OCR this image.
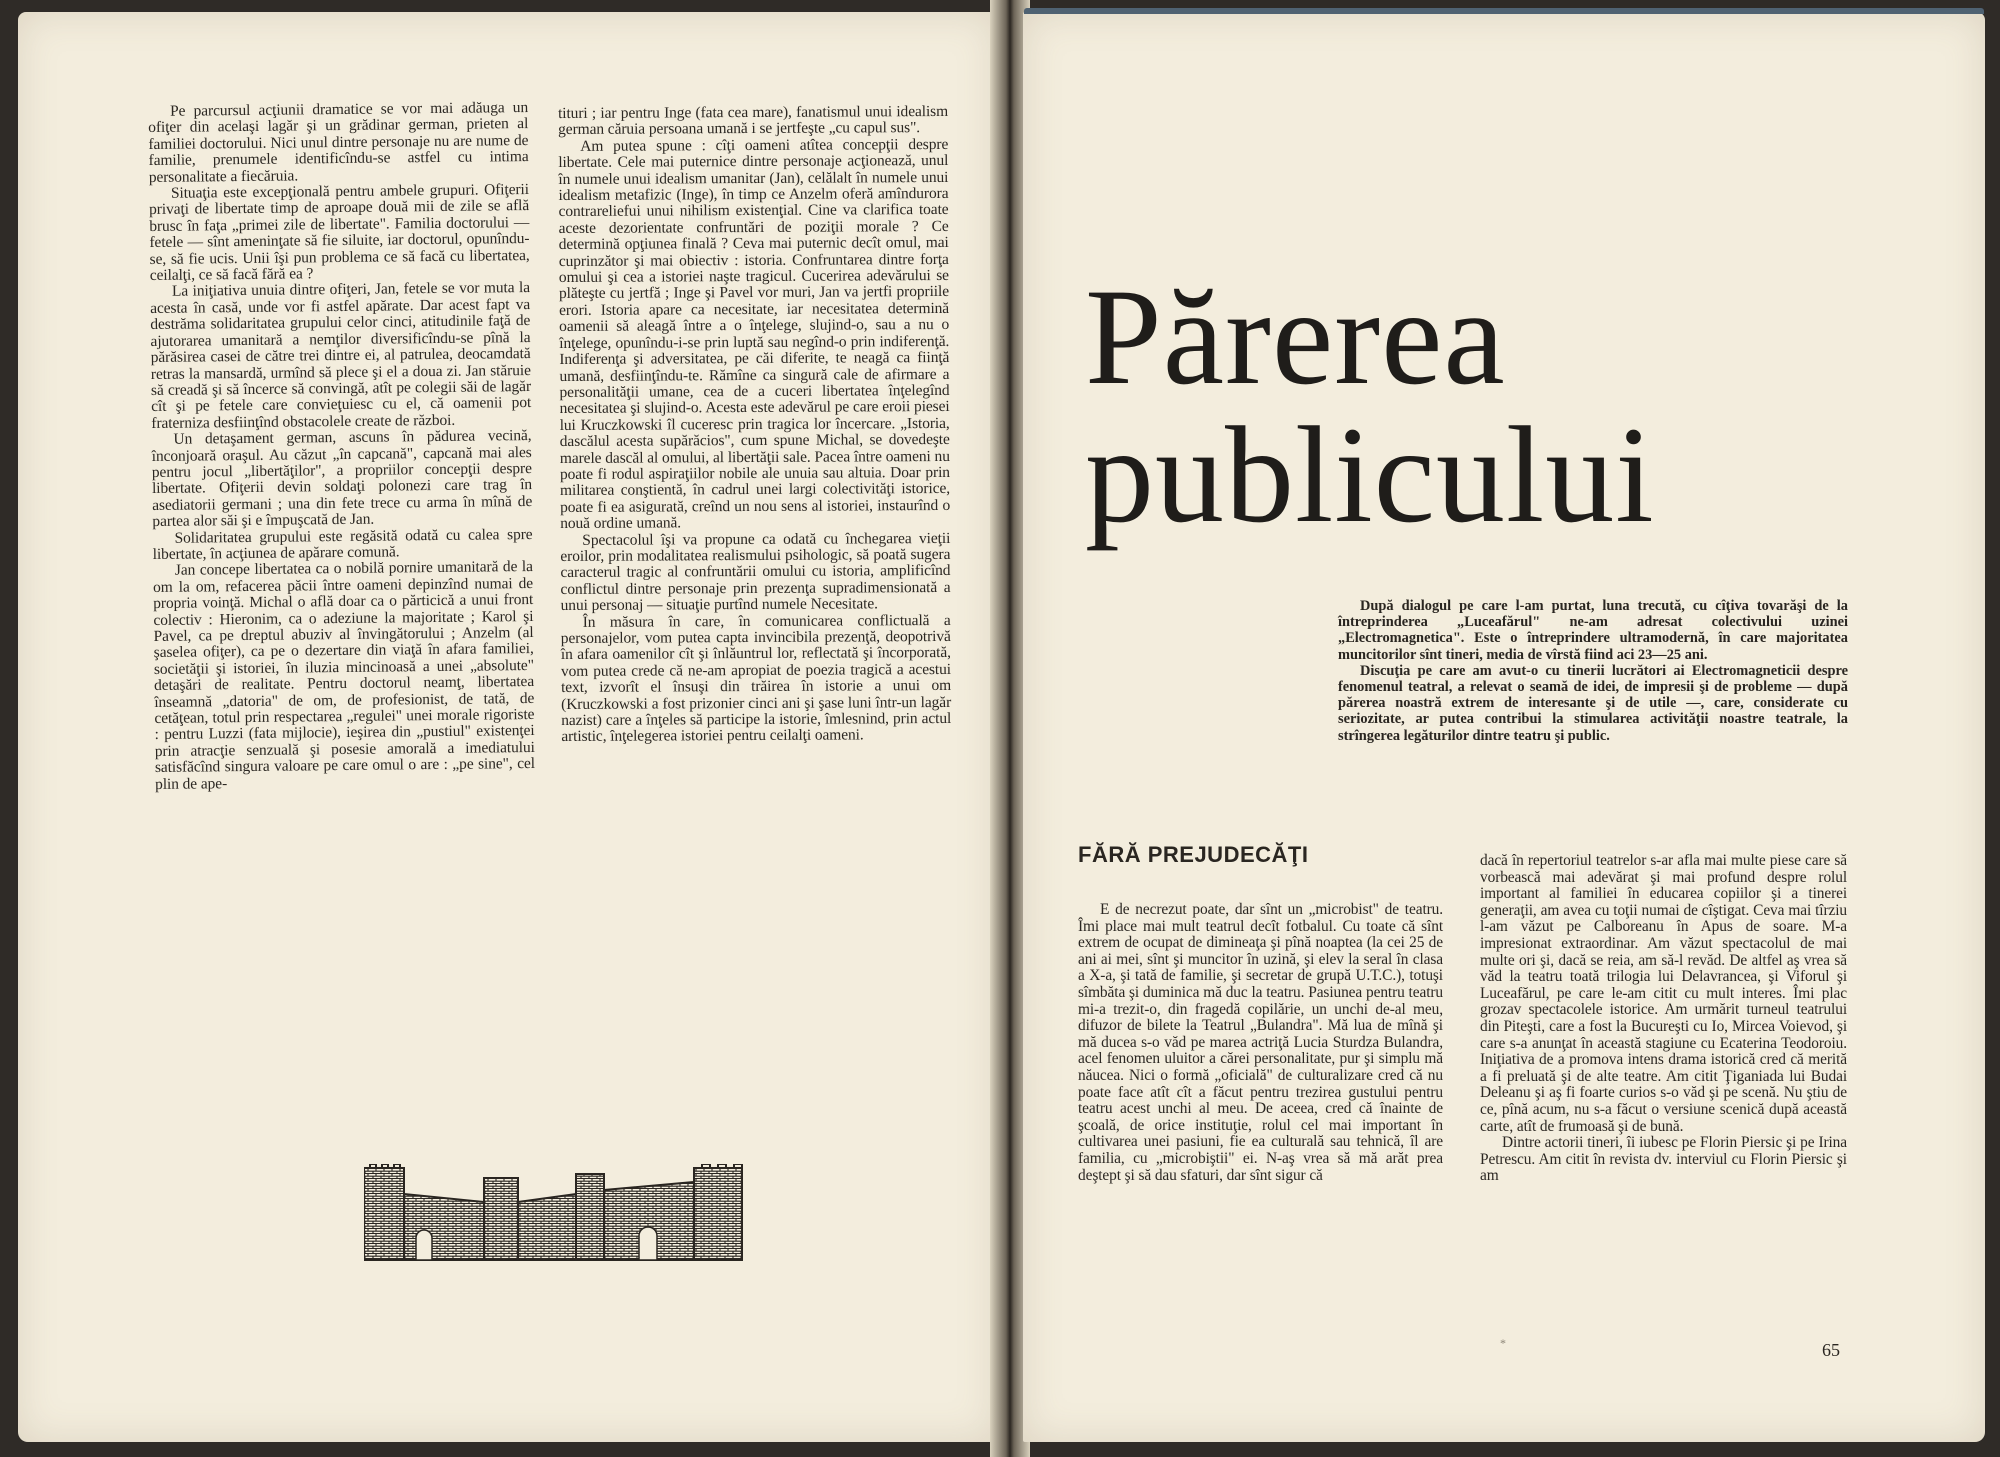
Pe parcursul acţiunii dramatice se vor mai adăuga un ofiţer din acelaşi lagăr şi un grădinar german, prieten al familiei doctorului. Nici unul dintre personaje nu are nume de familie, prenumele identificîndu-se astfel cu intima personalitate a fiecăruia.

Situaţia este excepţională pentru ambele grupuri. Ofiţerii privaţi de libertate timp de aproape două mii de zile se află brusc în faţa „primei zile de libertate". Familia doctorului — fetele — sînt ameninţate să fie siluite, iar doctorul, opunîndu-se, să fie ucis. Unii îşi pun problema ce să facă cu libertatea, ceilalţi, ce să facă fără ea ?

La iniţiativa unuia dintre ofiţeri, Jan, fetele se vor muta la acesta în casă, unde vor fi astfel apărate. Dar acest fapt va destrăma solidaritatea grupului celor cinci, atitudinile faţă de ajutorarea umanitară a nemţilor diversificîndu-se pînă la părăsirea casei de către trei dintre ei, al patrulea, deocamdată retras la mansardă, urmînd să plece şi el a doua zi. Jan stăruie să creadă şi să încerce să convingă, atît pe colegii săi de lagăr cît şi pe fetele care convieţuiesc cu el, că oamenii pot fraterniza desfiinţînd obstacolele create de război.

Un detaşament german, ascuns în pădurea vecină, înconjoară oraşul. Au căzut „în capcană", capcană mai ales pentru jocul „libertăţilor", a propriilor concepţii despre libertate. Ofiţerii devin soldaţi polonezi care trag în asediatorii germani ; una din fete trece cu arma în mînă de partea alor săi şi e împuşcată de Jan.

Solidaritatea grupului este regăsită odată cu calea spre libertate, în acţiunea de apărare comună.

Jan concepe libertatea ca o nobilă pornire umanitară de la om la om, refacerea păcii între oameni depinzînd numai de propria voinţă. Michal o află doar ca o părticică a unui front colectiv : Hieronim, ca o adeziune la majoritate ; Karol şi Pavel, ca pe dreptul abuziv al învingătorului ; Anzelm (al şaselea ofiţer), ca pe o dezertare din viaţă în afara familiei, societăţii şi istoriei, în iluzia mincinoasă a unei „absolute" detaşări de realitate. Pentru doctorul neamţ, libertatea înseamnă „datoria" de om, de profesionist, de tată, de cetăţean, totul prin respectarea „regulei" unei morale rigoriste : pentru Luzzi (fata mijlocie), ieşirea din „pustiul" existenţei prin atracţie senzuală şi posesie amorală a imediatului satisfăcînd singura valoare pe care omul o are : „pe sine", cel plin de ape-

tituri ; iar pentru Inge (fata cea mare), fanatismul unui idealism german căruia persoana umană i se jertfeşte „cu capul sus".

Am putea spune : cîţi oameni atîtea concepţii despre libertate. Cele mai puternice dintre personaje acţionează, unul în numele unui idealism umanitar (Jan), celălalt în numele unui idealism metafizic (Inge), în timp ce Anzelm oferă amîndurora contrareliefui unui nihilism existenţial. Cine va clarifica toate aceste dezorientate confruntări de poziţii morale ? Ce determină opţiunea finală ? Ceva mai puternic decît omul, mai cuprinzător şi mai obiectiv : istoria. Confruntarea dintre forţa omului şi cea a istoriei naşte tragicul. Cucerirea adevărului se plăteşte cu jertfă ; Inge şi Pavel vor muri, Jan va jertfi propriile erori. Istoria apare ca necesitate, iar necesitatea determină oamenii să aleagă între a o înţelege, slujind-o, sau a nu o înţelege, opunîndu-i-se prin luptă sau negînd-o prin indiferenţă. Indiferenţa şi adversitatea, pe căi diferite, te neagă ca fiinţă umană, desfiinţîndu-te. Rămîne ca singură cale de afirmare a personalităţii umane, cea de a cuceri libertatea înţelegînd necesitatea şi slujind-o. Acesta este adevărul pe care eroii piesei lui Kruczkowski îl cuceresc prin tragica lor încercare. „Istoria, dascălul acesta supărăcios", cum spune Michal, se dovedeşte marele dascăl al omului, al libertăţii sale. Pacea între oameni nu poate fi rodul aspiraţiilor nobile ale unuia sau altuia. Doar prin militarea conştientă, în cadrul unei largi colectivităţi istorice, poate fi ea asigurată, creînd un nou sens al istoriei, instaurînd o nouă ordine umană.

Spectacolul îşi va propune ca odată cu închegarea vieţii eroilor, prin modalitatea realismului psihologic, să poată sugera caracterul tragic al confruntării omului cu istoria, amplificînd conflictul dintre personaje prin prezenţa supradimensionată a unui personaj — situaţie purtînd numele Necesitate.

În măsura în care, în comunicarea conflictuală a personajelor, vom putea capta invincibila prezenţă, deopotrivă în afara oamenilor cît şi înlăuntrul lor, reflectată şi încorporată, vom putea crede că ne-am apropiat de poezia tragică a acestui text, izvorît el însuşi din trăirea în istorie a unui om (Kruczkowski a fost prizonier cinci ani şi şase luni într-un lagăr nazist) care a înţeles să participe la istorie, îmlesnind, prin actul artistic, înţelegerea istoriei pentru ceilalţi oameni.

Părerea
publicului

După dialogul pe care l-am purtat, luna trecută, cu cîţiva tovarăşi de la întreprinderea „Luceafărul" ne-am adresat colectivului uzinei „Electromagnetica". Este o întreprindere ultramodernă, în care majoritatea muncitorilor sînt tineri, media de vîrstă fiind aci 23—25 ani.

Discuţia pe care am avut-o cu tinerii lucrători ai Electromagneticii despre fenomenul teatral, a relevat o seamă de idei, de impresii şi de probleme — după părerea noastră extrem de interesante şi de utile —, care, considerate cu seriozitate, ar putea contribui la stimularea activităţii noastre teatrale, la strîngerea legăturilor dintre teatru şi public.

FĂRĂ PREJUDECĂŢI

E de necrezut poate, dar sînt un „microbist" de teatru. Îmi place mai mult teatrul decît fotbalul. Cu toate că sînt extrem de ocupat de dimineaţa şi pînă noaptea (la cei 25 de ani ai mei, sînt şi muncitor în uzină, şi elev la seral în clasa a X-a, şi tată de familie, şi secretar de grupă U.T.C.), totuşi sîmbăta şi duminica mă duc la teatru. Pasiunea pentru teatru mi-a trezit-o, din fragedă copilărie, un unchi de-al meu, difuzor de bilete la Teatrul „Bulandra". Mă lua de mînă şi mă ducea s-o văd pe marea actriţă Lucia Sturdza Bulandra, acel fenomen uluitor a cărei personalitate, pur şi simplu mă năucea. Nici o formă „oficială" de culturalizare cred că nu poate face atît cît a făcut pentru trezirea gustului pentru teatru acest unchi al meu. De aceea, cred că înainte de şcoală, de orice instituţie, rolul cel mai important în cultivarea unei pasiuni, fie ea culturală sau tehnică, îl are familia, cu „microbiştii" ei. N-aş vrea să mă arăt prea deştept şi să dau sfaturi, dar sînt sigur că

dacă în repertoriul teatrelor s-ar afla mai multe piese care să vorbească mai adevărat şi mai profund despre rolul important al familiei în educarea copiilor şi a tinerei generaţii, am avea cu toţii numai de cîştigat. Ceva mai tîrziu l-am văzut pe Calboreanu în Apus de soare. M-a impresionat extraordinar. Am văzut spectacolul de mai multe ori şi, dacă se reia, am să-l revăd. De altfel aş vrea să văd la teatru toată trilogia lui Delavrancea, şi Viforul şi Luceafărul, pe care le-am citit cu mult interes. Îmi plac grozav spectacolele istorice. Am urmărit turneul teatrului din Piteşti, care a fost la Bucureşti cu Io, Mircea Voievod, şi care s-a anunţat în această stagiune cu Ecaterina Teodoroiu. Iniţiativa de a promova intens drama istorică cred că merită a fi preluată şi de alte teatre. Am citit Ţiganiada lui Budai Deleanu şi aş fi foarte curios s-o văd şi pe scenă. Nu ştiu de ce, pînă acum, nu s-a făcut o versiune scenică după această carte, atît de frumoasă şi de bună.

Dintre actorii tineri, îi iubesc pe Florin Piersic şi pe Irina Petrescu. Am citit în revista dv. interviul cu Florin Piersic şi am

*	65
